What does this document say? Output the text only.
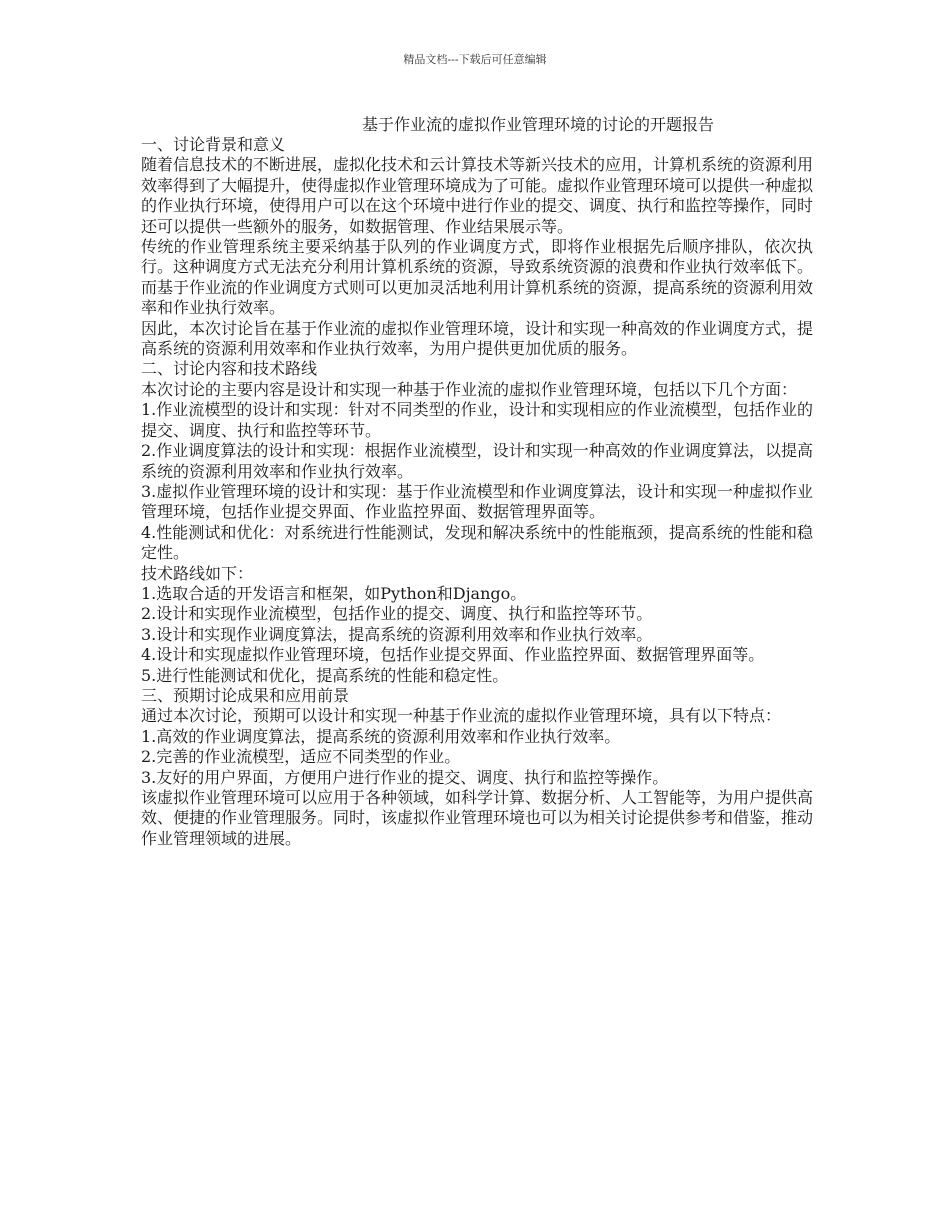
精品文档---下载后可任意编辑
基于作业流的虚拟作业管理环境的讨论的开题报告

一、讨论背景和意义

随着信息技术的不断进展，虚拟化技术和云计算技术等新兴技术的应用，计算机系统的资源利用效率得到了大幅提升，使得虚拟作业管理环境成为了可能。虚拟作业管理环境可以提供一种虚拟的作业执行环境，使得用户可以在这个环境中进行作业的提交、调度、执行和监控等操作，同时还可以提供一些额外的服务，如数据管理、作业结果展示等。

传统的作业管理系统主要采纳基于队列的作业调度方式，即将作业根据先后顺序排队，依次执行。这种调度方式无法充分利用计算机系统的资源，导致系统资源的浪费和作业执行效率低下。而基于作业流的作业调度方式则可以更加灵活地利用计算机系统的资源，提高系统的资源利用效率和作业执行效率。

因此，本次讨论旨在基于作业流的虚拟作业管理环境，设计和实现一种高效的作业调度方式，提高系统的资源利用效率和作业执行效率，为用户提供更加优质的服务。

二、讨论内容和技术路线

本次讨论的主要内容是设计和实现一种基于作业流的虚拟作业管理环境，包括以下几个方面：

1.作业流模型的设计和实现：针对不同类型的作业，设计和实现相应的作业流模型，包括作业的提交、调度、执行和监控等环节。

2.作业调度算法的设计和实现：根据作业流模型，设计和实现一种高效的作业调度算法，以提高系统的资源利用效率和作业执行效率。

3.虚拟作业管理环境的设计和实现：基于作业流模型和作业调度算法，设计和实现一种虚拟作业管理环境，包括作业提交界面、作业监控界面、数据管理界面等。

4.性能测试和优化：对系统进行性能测试，发现和解决系统中的性能瓶颈，提高系统的性能和稳定性。

技术路线如下：

1.选取合适的开发语言和框架，如Python和Django。

2.设计和实现作业流模型，包括作业的提交、调度、执行和监控等环节。

3.设计和实现作业调度算法，提高系统的资源利用效率和作业执行效率。

4.设计和实现虚拟作业管理环境，包括作业提交界面、作业监控界面、数据管理界面等。

5.进行性能测试和优化，提高系统的性能和稳定性。

三、预期讨论成果和应用前景

通过本次讨论，预期可以设计和实现一种基于作业流的虚拟作业管理环境，具有以下特点：

1.高效的作业调度算法，提高系统的资源利用效率和作业执行效率。

2.完善的作业流模型，适应不同类型的作业。

3.友好的用户界面，方便用户进行作业的提交、调度、执行和监控等操作。

该虚拟作业管理环境可以应用于各种领域，如科学计算、数据分析、人工智能等，为用户提供高效、便捷的作业管理服务。同时，该虚拟作业管理环境也可以为相关讨论提供参考和借鉴，推动作业管理领域的进展。
